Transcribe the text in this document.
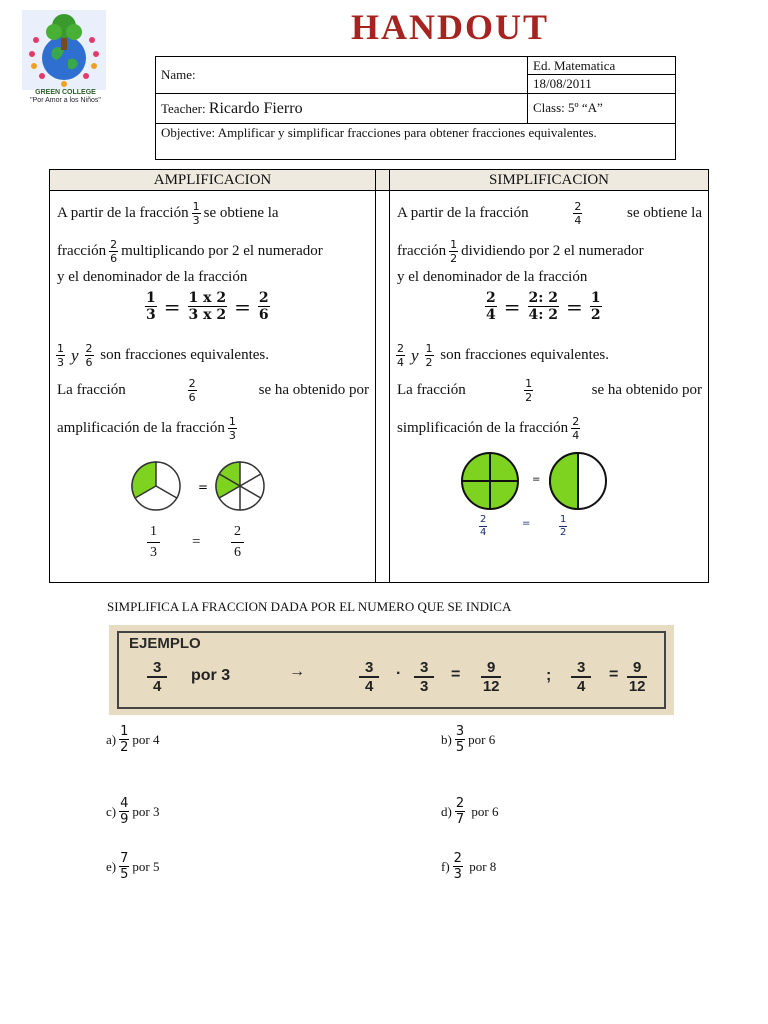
GREEN COLLEGE
"Por Amor a los Niños"
HANDOUT
Name:
Ed. Matematica
18/08/2011
Teacher: Ricardo Fierro	Class: 5º “A”
Objective: Amplificar y simplificar fracciones para obtener fracciones equivalentes.
AMPLIFICACION	SIMPLIFICACION
A partir de la fracción $\frac{1}{3}$ se obtiene la
fracción $\frac{2}{6}$ multiplicando por 2 el numerador
y el denominador de la fracción
$\frac{1}{3} = \frac{1 x 2}{3 x 2} = \frac{2}{6}$
$\frac{1}{3}$ y $\frac{2}{6}$ son fracciones equivalentes.
La fracción	$\frac{2}{6}$	se ha obtenido por
amplificación de la fracción $\frac{1}{3}$
=
$\frac{1}{3} = \frac{2}{6}$
A partir de la fracción	$\frac{2}{4}$	se obtiene la
fracción $\frac{1}{2}$ dividiendo por 2 el numerador
y el denominador de la fracción
$\frac{2}{4} = \frac{2: 2}{4: 2} = \frac{1}{2}$
$\frac{2}{4}$ y $\frac{1}{2}$ son fracciones equivalentes.
La fracción	$\frac{1}{2}$	se ha obtenido por
simplificación de la fracción $\frac{2}{4}$
=
$\frac{2}{4}$	=	$\frac{1}{2}$
SIMPLIFICA LA FRACCION DADA POR EL NUMERO QUE SE INDICA
EJEMPLO
$\frac{3}{4}$ por 3	→	$\frac{3}{4} \cdot \frac{3}{3} = \frac{9}{12}$	; $\frac{3}{4} = \frac{9}{12}$
$a) \frac{1}{2}$ por 4	$b) \frac{3}{5}$ por 6
$c) \frac{4}{9}$ por 3	$d) \frac{2}{7}$ por 6
$e) \frac{7}{5}$ por 5	$f) \frac{2}{3}$ por 8
